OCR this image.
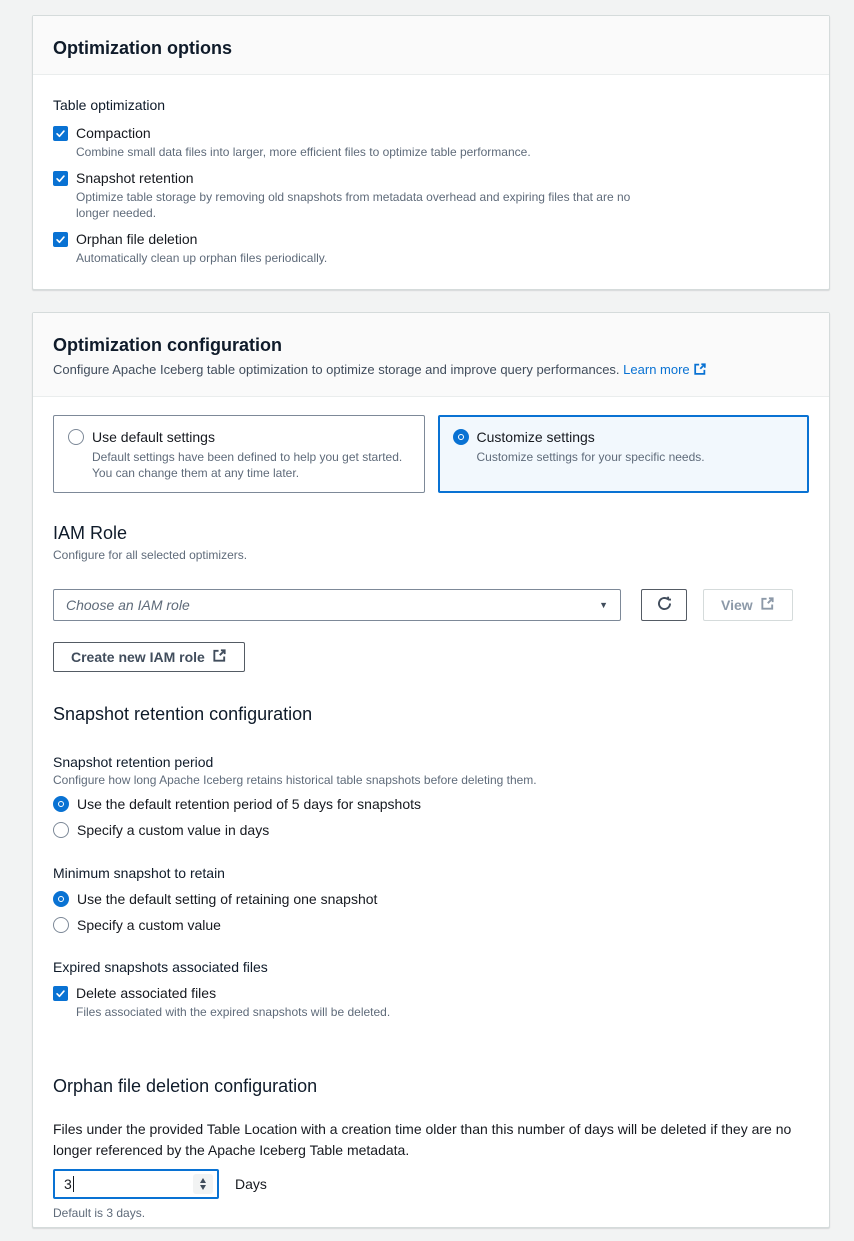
Optimization options
Table optimization
Compaction
Combine small data files into larger, more efficient files to optimize table performance.
Snapshot retention
Optimize table storage by removing old snapshots from metadata overhead and expiring files that are no longer needed.
Orphan file deletion
Automatically clean up orphan files periodically.
Optimization configuration

Configure Apache Iceberg table optimization to optimize storage and improve query performances. Learn more

Use default settings
Default settings have been defined to help you get started. You can change them at any time later.
Customize settings
Customize settings for your specific needs.
IAM Role
Configure for all selected optimizers.
Choose an IAM role	▼	View
Create new IAM role
Snapshot retention configuration
Snapshot retention period
Configure how long Apache Iceberg retains historical table snapshots before deleting them.
Use the default retention period of 5 days for snapshots
Specify a custom value in days
Minimum snapshot to retain
Use the default setting of retaining one snapshot
Specify a custom value
Expired snapshots associated files
Delete associated files
Files associated with the expired snapshots will be deleted.
Orphan file deletion configuration

Files under the provided Table Location with a creation time older than this number of days will be deleted if they are no longer referenced by the Apache Iceberg Table metadata.

3	Days
Default is 3 days.
